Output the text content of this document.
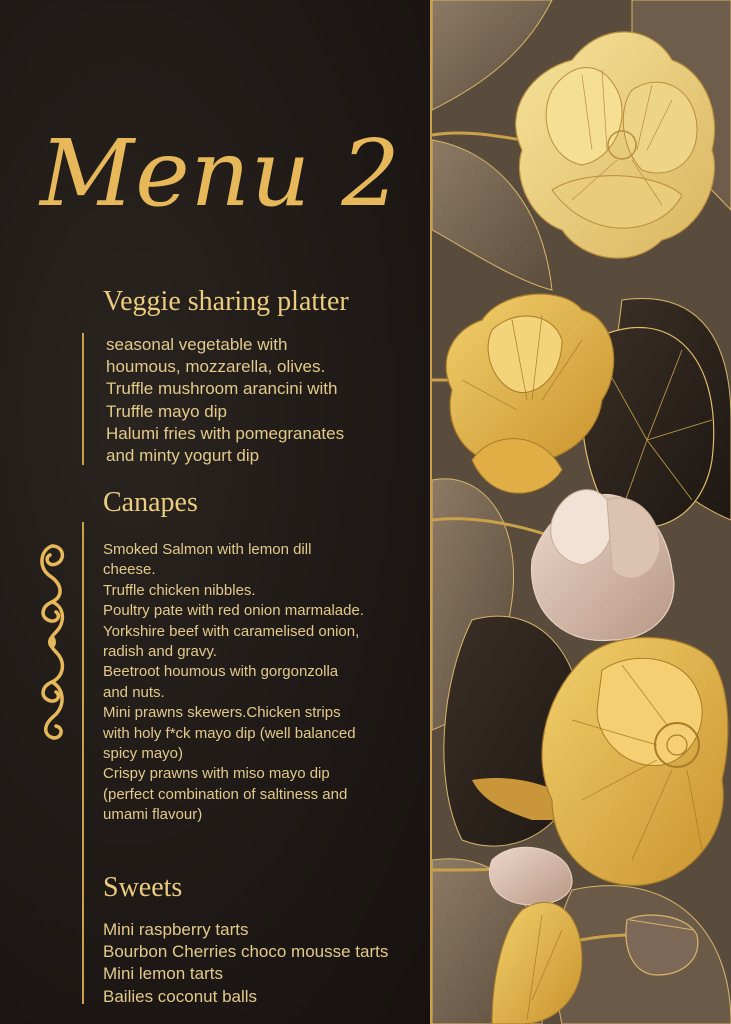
Menu 2
Veggie sharing platter
seasonal vegetable with
houmous, mozzarella, olives.
Truffle mushroom arancini with
Truffle mayo dip
Halumi fries with pomegranates
and minty yogurt dip
Canapes
Smoked Salmon with lemon dill
cheese.
Truffle chicken nibbles.
Poultry pate with red onion marmalade.
Yorkshire beef with caramelised onion,
radish and gravy.
Beetroot houmous with gorgonzolla
and nuts.
Mini prawns skewers.Chicken strips
with holy f*ck mayo dip (well balanced
spicy mayo)
Crispy prawns with miso mayo dip
(perfect combination of saltiness and
umami flavour)
Sweets
Mini raspberry tarts
Bourbon Cherries choco mousse tarts
Mini lemon tarts
Bailies coconut balls
